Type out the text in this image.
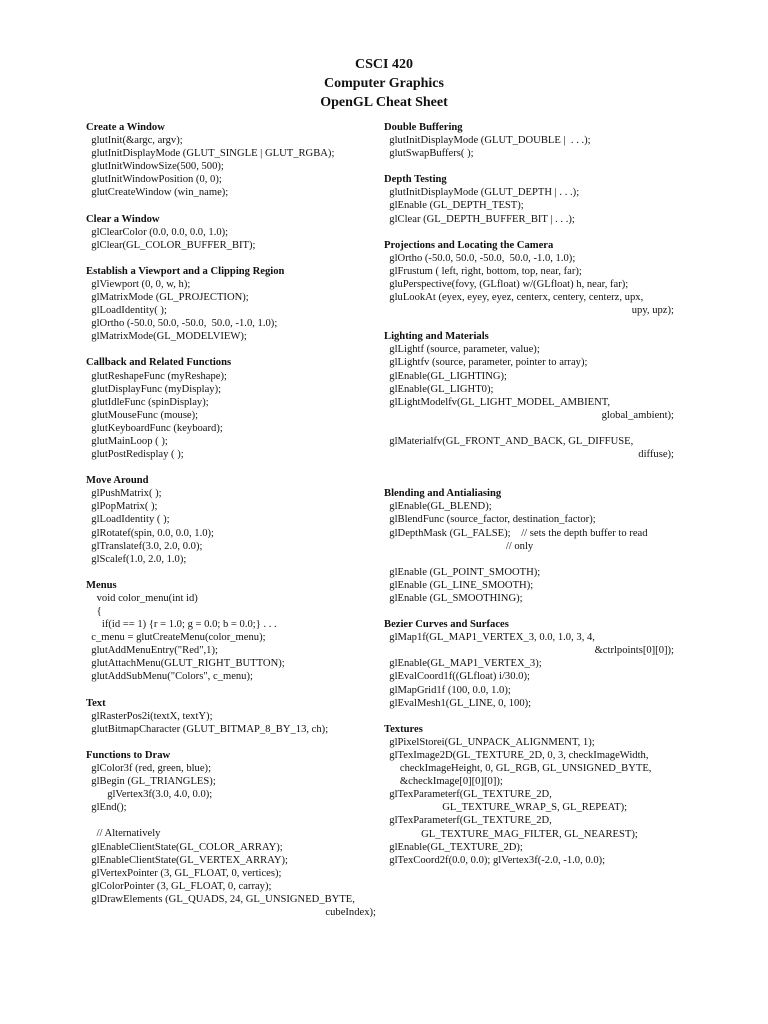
CSCI 420
Computer Graphics
OpenGL Cheat Sheet
Create a Window
glutInit(&argc, argv);
glutInitDisplayMode (GLUT_SINGLE | GLUT_RGBA);
glutInitWindowSize(500, 500);
glutInitWindowPosition (0, 0);
glutCreateWindow (win_name);
Clear a Window
glClearColor (0.0, 0.0, 0.0, 1.0);
glClear(GL_COLOR_BUFFER_BIT);
Establish a Viewport and a Clipping Region
glViewport (0, 0, w, h);
glMatrixMode (GL_PROJECTION);
glLoadIdentity( );
glOrtho (-50.0, 50.0, -50.0,  50.0, -1.0, 1.0);
glMatrixMode(GL_MODELVIEW);
Callback and Related Functions
glutReshapeFunc (myReshape);
glutDisplayFunc (myDisplay);
glutIdleFunc (spinDisplay);
glutMouseFunc (mouse);
glutKeyboardFunc (keyboard);
glutMainLoop ( );
glutPostRedisplay ( );
Move Around
glPushMatrix( );
glPopMatrix( );
glLoadIdentity ( );
glRotatef(spin, 0.0, 0.0, 1.0);
glTranslatef(3.0, 2.0, 0.0);
glScalef(1.0, 2.0, 1.0);
Menus
void color_menu(int id)
{
if(id == 1) {r = 1.0; g = 0.0; b = 0.0;} . . .
c_menu = glutCreateMenu(color_menu);
glutAddMenuEntry("Red",1);
glutAttachMenu(GLUT_RIGHT_BUTTON);
glutAddSubMenu("Colors", c_menu);
Text
glRasterPos2i(textX, textY);
glutBitmapCharacter (GLUT_BITMAP_8_BY_13, ch);
Functions to Draw
glColor3f (red, green, blue);
glBegin (GL_TRIANGLES);
glVertex3f(3.0, 4.0, 0.0);
glEnd();

// Alternatively
glEnableClientState(GL_COLOR_ARRAY);
glEnableClientState(GL_VERTEX_ARRAY);
glVertexPointer (3, GL_FLOAT, 0, vertices);
glColorPointer (3, GL_FLOAT, 0, carray);
glDrawElements (GL_QUADS, 24, GL_UNSIGNED_BYTE,
cubeIndex);
Double Buffering
glutInitDisplayMode (GLUT_DOUBLE |  . . .);
glutSwapBuffers( );
Depth Testing
glutInitDisplayMode (GLUT_DEPTH | . . .);
glEnable (GL_DEPTH_TEST);
glClear (GL_DEPTH_BUFFER_BIT | . . .);
Projections and Locating the Camera
glOrtho (-50.0, 50.0, -50.0,  50.0, -1.0, 1.0);
glFrustum ( left, right, bottom, top, near, far);
gluPerspective(fovy, (GLfloat) w/(GLfloat) h, near, far);
gluLookAt (eyex, eyey, eyez, centerx, centery, centerz, upx,
upy, upz);
Lighting and Materials
glLightf (source, parameter, value);
glLightfv (source, parameter, pointer to array);
glEnable(GL_LIGHTING);
glEnable(GL_LIGHT0);
glLightModelfv(GL_LIGHT_MODEL_AMBIENT,
global_ambient);

glMaterialfv(GL_FRONT_AND_BACK, GL_DIFFUSE,
diffuse);

Blending and Antialiasing
glEnable(GL_BLEND);
glBlendFunc (source_factor, destination_factor);
glDepthMask (GL_FALSE);    // sets the depth buffer to read
// only

glEnable (GL_POINT_SMOOTH);
glEnable (GL_LINE_SMOOTH);
glEnable (GL_SMOOTHING);
Bezier Curves and Surfaces
glMap1f(GL_MAP1_VERTEX_3, 0.0, 1.0, 3, 4,
&ctrlpoints[0][0]);
glEnable(GL_MAP1_VERTEX_3);
glEvalCoord1f((GLfloat) i/30.0);
glMapGrid1f (100, 0.0, 1.0);
glEvalMesh1(GL_LINE, 0, 100);
Textures
glPixelStorei(GL_UNPACK_ALIGNMENT, 1);
glTexImage2D(GL_TEXTURE_2D, 0, 3, checkImageWidth,
checkImageHeight, 0, GL_RGB, GL_UNSIGNED_BYTE,
&checkImage[0][0][0]);
glTexParameterf(GL_TEXTURE_2D,
GL_TEXTURE_WRAP_S, GL_REPEAT);
glTexParameterf(GL_TEXTURE_2D,
GL_TEXTURE_MAG_FILTER, GL_NEAREST);
glEnable(GL_TEXTURE_2D);
glTexCoord2f(0.0, 0.0); glVertex3f(-2.0, -1.0, 0.0);
